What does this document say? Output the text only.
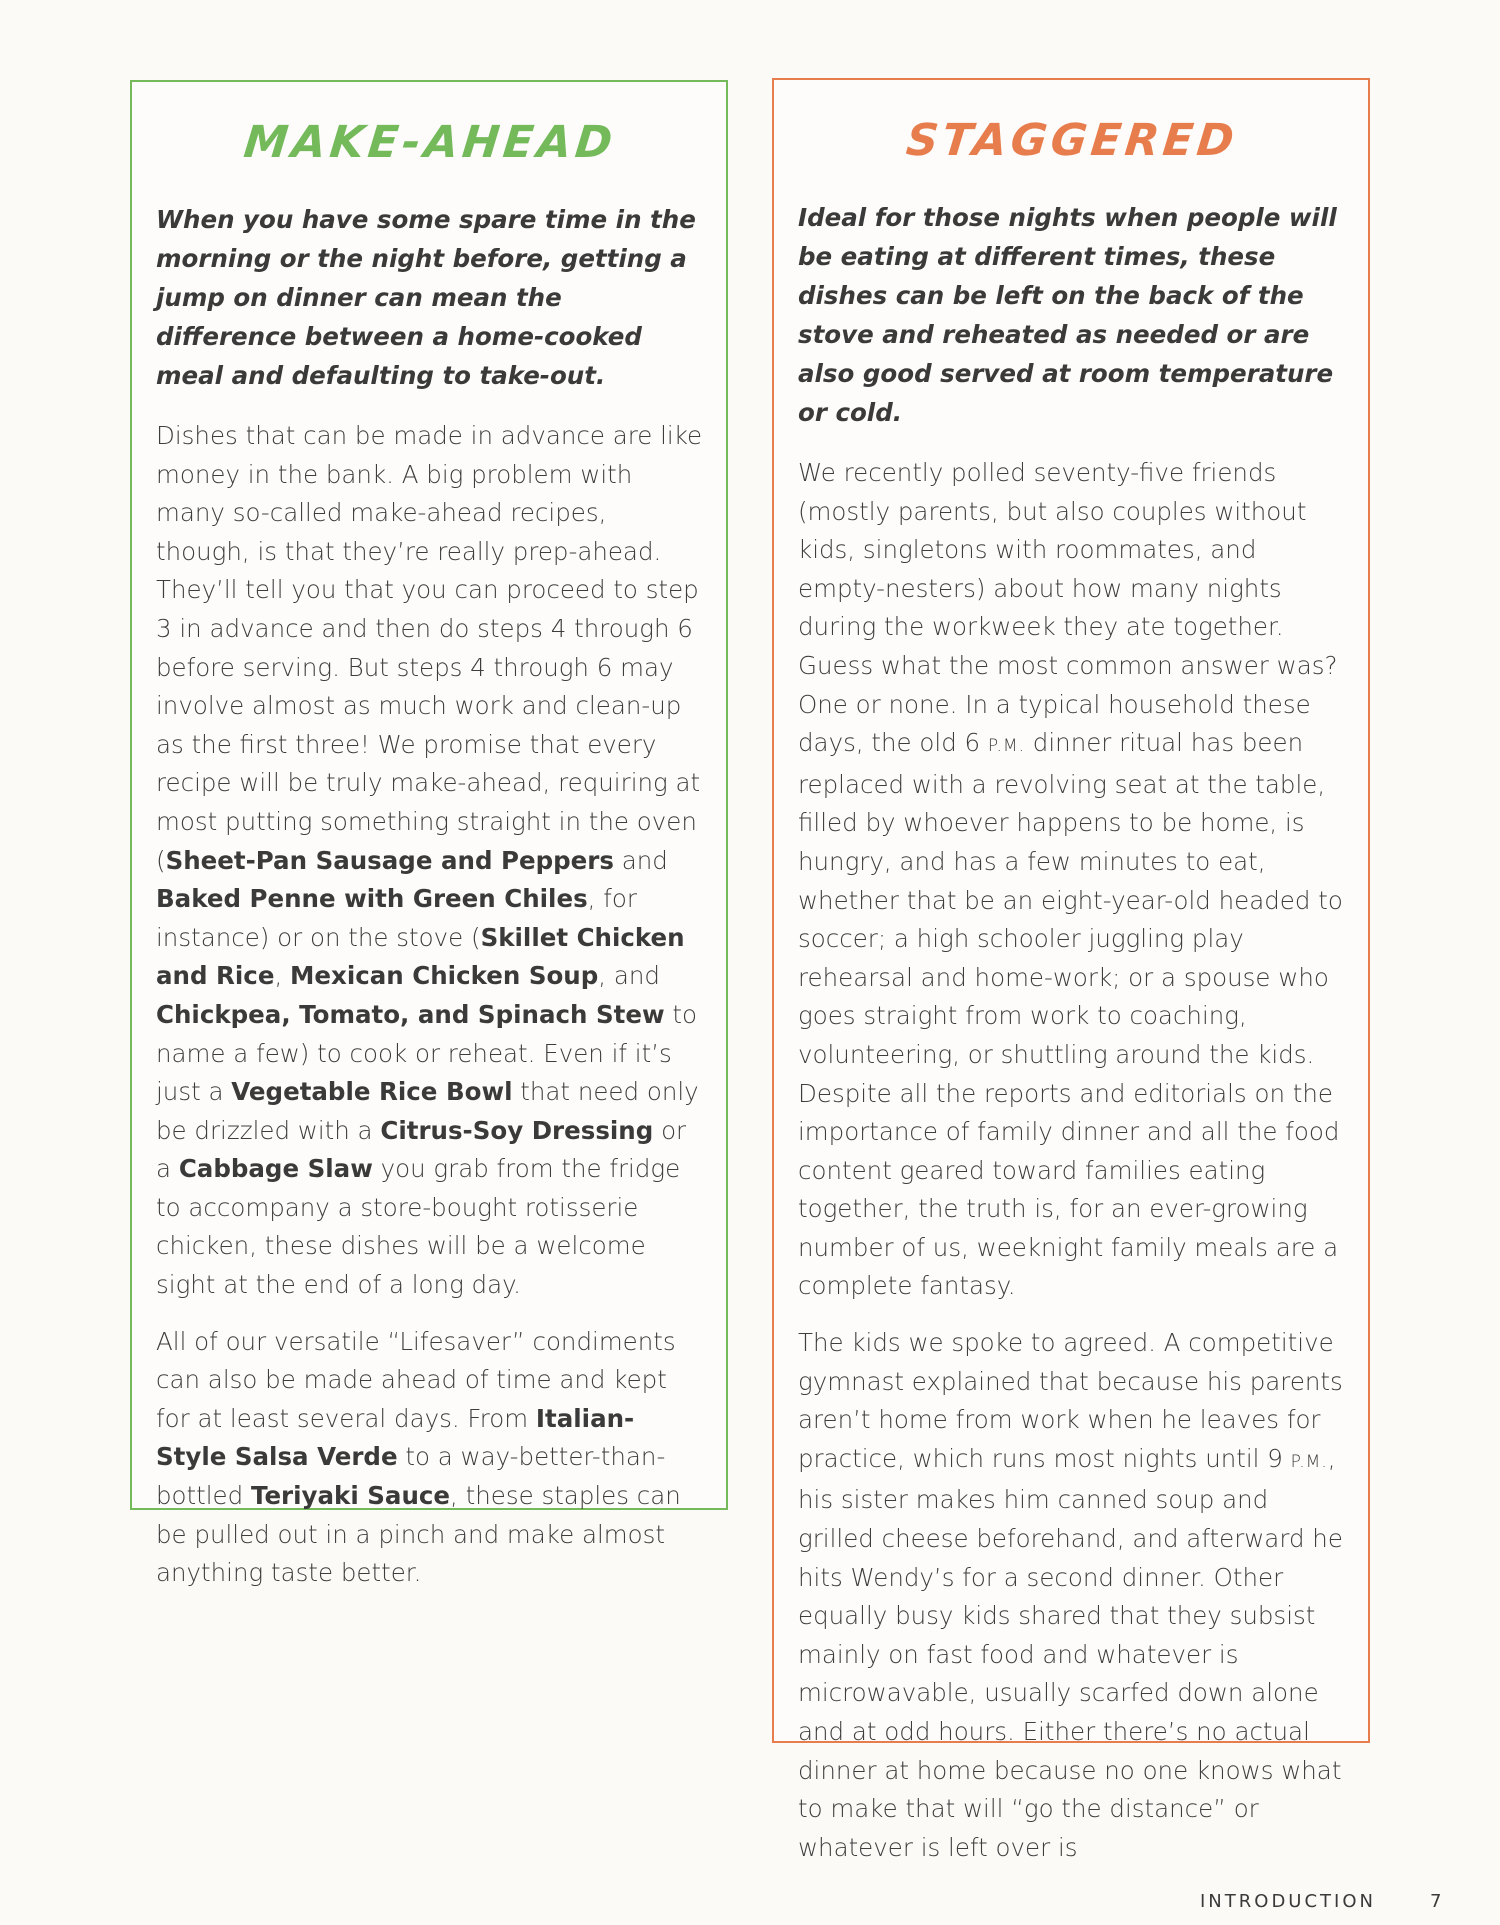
MAKE-AHEAD

When you have some spare time in the morning or the night before, getting a jump on dinner can mean the difference between a home-cooked meal and defaulting to take-out.

Dishes that can be made in advance are like money in the bank. A big problem with many so-called make-ahead recipes, though, is that they’re really prep-ahead. They’ll tell you that you can proceed to step 3 in advance and then do steps 4 through 6 before serving. But steps 4 through 6 may involve almost as much work and clean-up as the first three! We promise that every recipe will be truly make-ahead, requiring at most putting something straight in the oven (Sheet-Pan Sausage and Peppers and Baked Penne with Green Chiles, for instance) or on the stove (Skillet Chicken and Rice, Mexican Chicken Soup, and Chickpea, Tomato, and Spinach Stew to name a few) to cook or reheat. Even if it’s just a Vegetable Rice Bowl that need only be drizzled with a Citrus-Soy Dressing or a Cabbage Slaw you grab from the fridge to accompany a store-bought rotisserie chicken, these dishes will be a welcome sight at the end of a long day.

All of our versatile “Lifesaver” condiments can also be made ahead of time and kept for at least several days. From Italian-Style Salsa Verde to a way-better-than-bottled Teriyaki Sauce, these staples can be pulled out in a pinch and make almost anything taste better.

STAGGERED

Ideal for those nights when people will be eating at different times, these dishes can be left on the back of the stove and reheated as needed or are also good served at room temperature or cold.

We recently polled seventy-five friends (mostly parents, but also couples without kids, singletons with roommates, and empty-nesters) about how many nights during the workweek they ate together. Guess what the most common answer was? One or none. In a typical household these days, the old 6 P.M. dinner ritual has been replaced with a revolving seat at the table, filled by whoever happens to be home, is hungry, and has a few minutes to eat, whether that be an eight-year-old headed to soccer; a high schooler juggling play rehearsal and home-work; or a spouse who goes straight from work to coaching, volunteering, or shuttling around the kids. Despite all the reports and editorials on the importance of family dinner and all the food content geared toward families eating together, the truth is, for an ever-growing number of us, weeknight family meals are a complete fantasy.

The kids we spoke to agreed. A competitive gymnast explained that because his parents aren’t home from work when he leaves for practice, which runs most nights until 9 P.M., his sister makes him canned soup and grilled cheese beforehand, and afterward he hits Wendy’s for a second dinner. Other equally busy kids shared that they subsist mainly on fast food and whatever is microwavable, usually scarfed down alone and at odd hours. Either there’s no actual dinner at home because no one knows what to make that will “go the distance” or whatever is left over is

INTRODUCTION	7
